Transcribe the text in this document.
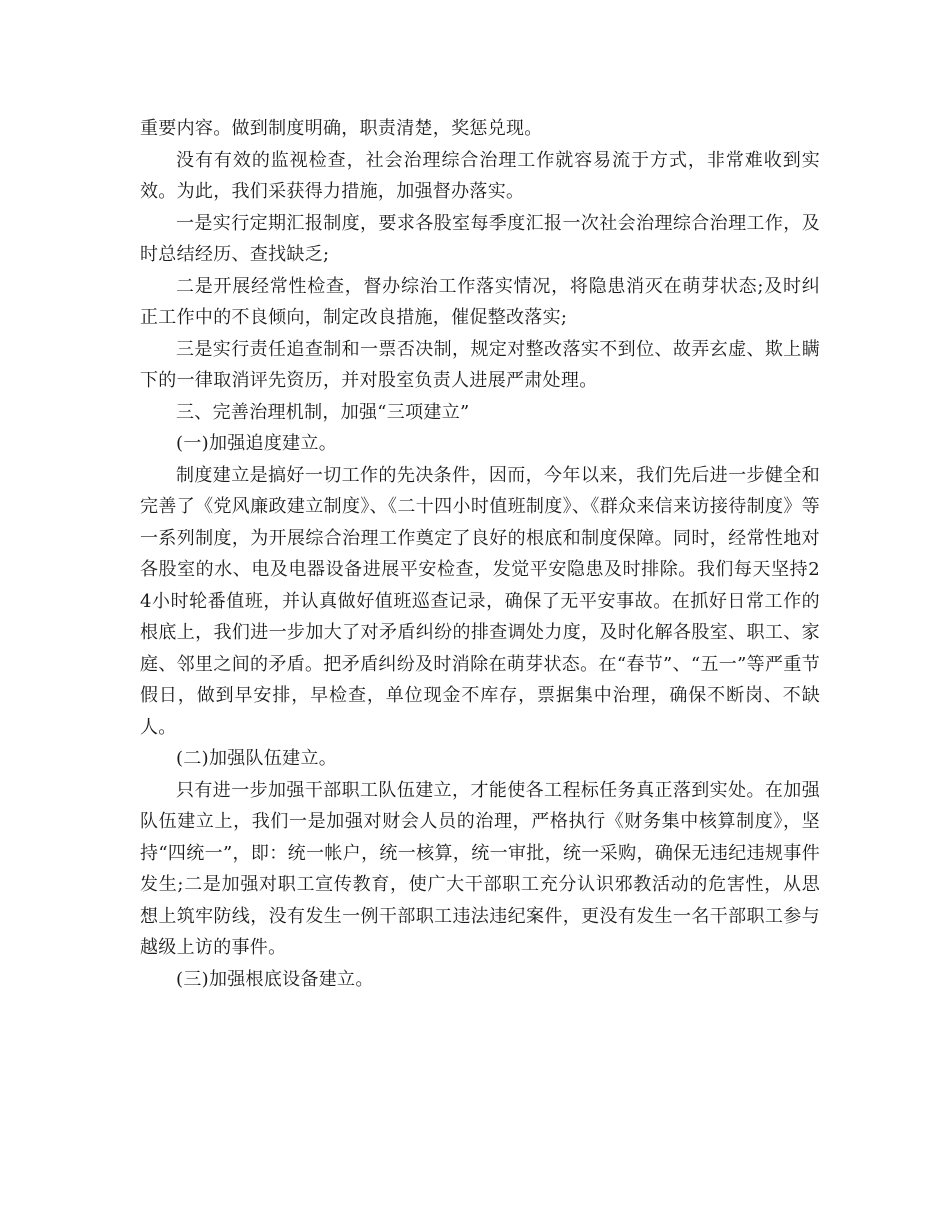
重要内容。做到制度明确，职责清楚，奖惩兑现。

没有有效的监视检查，社会治理综合治理工作就容易流于方式，非常难收到实效。为此，我们采获得力措施，加强督办落实。

一是实行定期汇报制度，要求各股室每季度汇报一次社会治理综合治理工作，及时总结经历、查找缺乏;

二是开展经常性检查，督办综治工作落实情况，将隐患消灭在萌芽状态;及时纠正工作中的不良倾向，制定改良措施，催促整改落实;

三是实行责任追查制和一票否决制，规定对整改落实不到位、故弄玄虚、欺上瞒下的一律取消评先资历，并对股室负责人进展严肃处理。

三、完善治理机制，加强“三项建立”

(一)加强追度建立。

制度建立是搞好一切工作的先决条件，因而，今年以来，我们先后进一步健全和完善了《党风廉政建立制度》、《二十四小时值班制度》、《群众来信来访接待制度》等一系列制度，为开展综合治理工作奠定了良好的根底和制度保障。同时，经常性地对各股室的水、电及电器设备进展平安检查，发觉平安隐患及时排除。我们每天坚持24小时轮番值班，并认真做好值班巡查记录，确保了无平安事故。在抓好日常工作的根底上，我们进一步加大了对矛盾纠纷的排查调处力度，及时化解各股室、职工、家庭、邻里之间的矛盾。把矛盾纠纷及时消除在萌芽状态。在“春节”、“五一”等严重节假日，做到早安排，早检查，单位现金不库存，票据集中治理，确保不断岗、不缺人。

(二)加强队伍建立。

只有进一步加强干部职工队伍建立，才能使各工程标任务真正落到实处。在加强队伍建立上，我们一是加强对财会人员的治理，严格执行《财务集中核算制度》，坚持“四统一”，即：统一帐户，统一核算，统一审批，统一采购，确保无违纪违规事件发生;二是加强对职工宣传教育，使广大干部职工充分认识邪教活动的危害性，从思想上筑牢防线，没有发生一例干部职工违法违纪案件，更没有发生一名干部职工参与越级上访的事件。

(三)加强根底设备建立。
